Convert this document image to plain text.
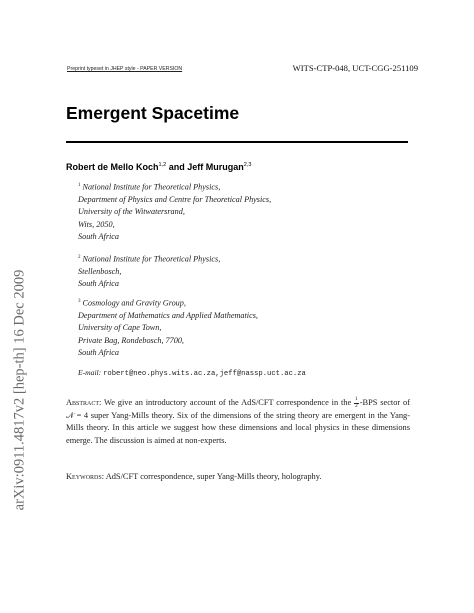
arXiv:0911.4817v2 [hep-th] 16 Dec 2009
Preprint typeset in JHEP style - PAPER VERSION	WITS-CTP-048, UCT-CGG-251109
Emergent Spacetime
Robert de Mello Koch$^{1,2}$ and Jeff Murugan$^{2,3}$
$^1$ National Institute for Theoretical Physics,
Department of Physics and Centre for Theoretical Physics,
University of the Witwatersrand,
Wits, 2050,
South Africa
$^2$ National Institute for Theoretical Physics,
Stellenbosch,
South Africa
$^3$ Cosmology and Gravity Group,
Department of Mathematics and Applied Mathematics,
University of Cape Town,
Private Bag, Rondebosch, 7700,
South Africa
E-mail: robert@neo.phys.wits.ac.za,jeff@nassp.uct.ac.za
Abstract: We give an introductory account of the AdS/CFT correspondence in the $\frac{1}{2} -BPS$ sector of 𝒩 = 4 super Yang-Mills theory. Six of the dimensions of the string theory are emergent in the Yang-Mills theory. In this article we suggest how these dimensions and local physics in these dimensions emerge. The discussion is aimed at non-experts.
Keywords: AdS/CFT correspondence, super Yang-Mills theory, holography.
